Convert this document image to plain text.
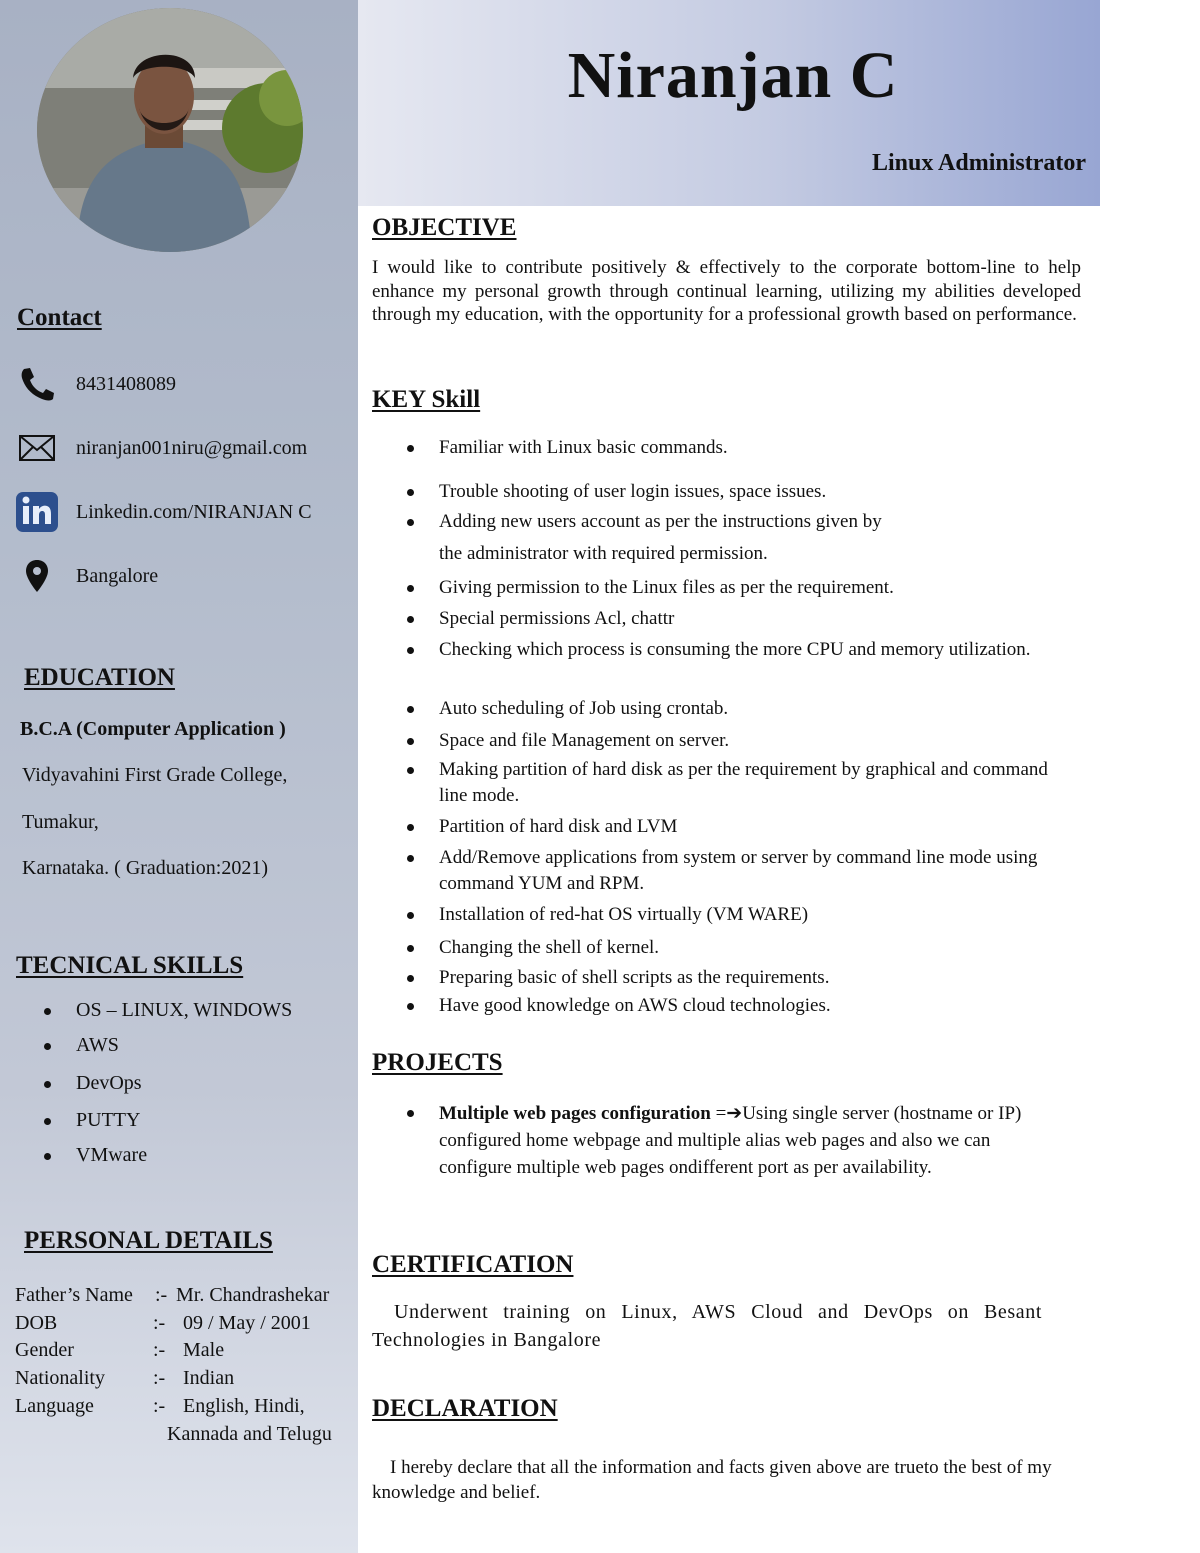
Niranjan C
Linux Administrator
Contact
8431408089
niranjan001niru@gmail.com
Linkedin.com/NIRANJAN C
Bangalore
EDUCATION
B.C.A (Computer Application )
Vidyavahini First Grade College,
Tumakur,
Karnataka. ( Graduation:2021)
TECNICAL SKILLS
OS – LINUX, WINDOWS
AWS
DevOps
PUTTY
VMware
PERSONAL DETAILS
Father’s Name :- Mr. Chandrashekar
DOB	:- 09 / May / 2001
Gender	:- Male
Nationality :- Indian
Language	:- English, Hindi,
Kannada and Telugu
OBJECTIVE
I would like to contribute positively & effectively to the corporate bottom-line to help enhance my personal growth through continual learning, utilizing my abilities developed through my education, with the opportunity for a professional growth based on performance.
KEY Skill
Familiar with Linux basic commands.
Trouble shooting of user login issues, space issues.
Adding new users account as per the instructions given by
the administrator with required permission.
Giving permission to the Linux files as per the requirement.
Special permissions Acl, chattr
Checking which process is consuming the more CPU and memory utilization.
Auto scheduling of Job using crontab.
Space and file Management on server.
Making partition of hard disk as per the requirement by graphical and command line mode.
Partition of hard disk and LVM
Add/Remove applications from system or server by command line mode using command YUM and RPM.
Installation of red-hat OS virtually (VM WARE)
Changing the shell of kernel.
Preparing basic of shell scripts as the requirements.
Have good knowledge on AWS cloud technologies.
PROJECTS
Multiple web pages configuration =➔Using single server (hostname or IP) configured home webpage and multiple alias web pages and also we can configure multiple web pages ondifferent port as per availability.
CERTIFICATION
Underwent training on Linux, AWS Cloud and DevOps on Besant Technologies in Bangalore
DECLARATION
I hereby declare that all the information and facts given above are trueto the best of my knowledge and belief.
